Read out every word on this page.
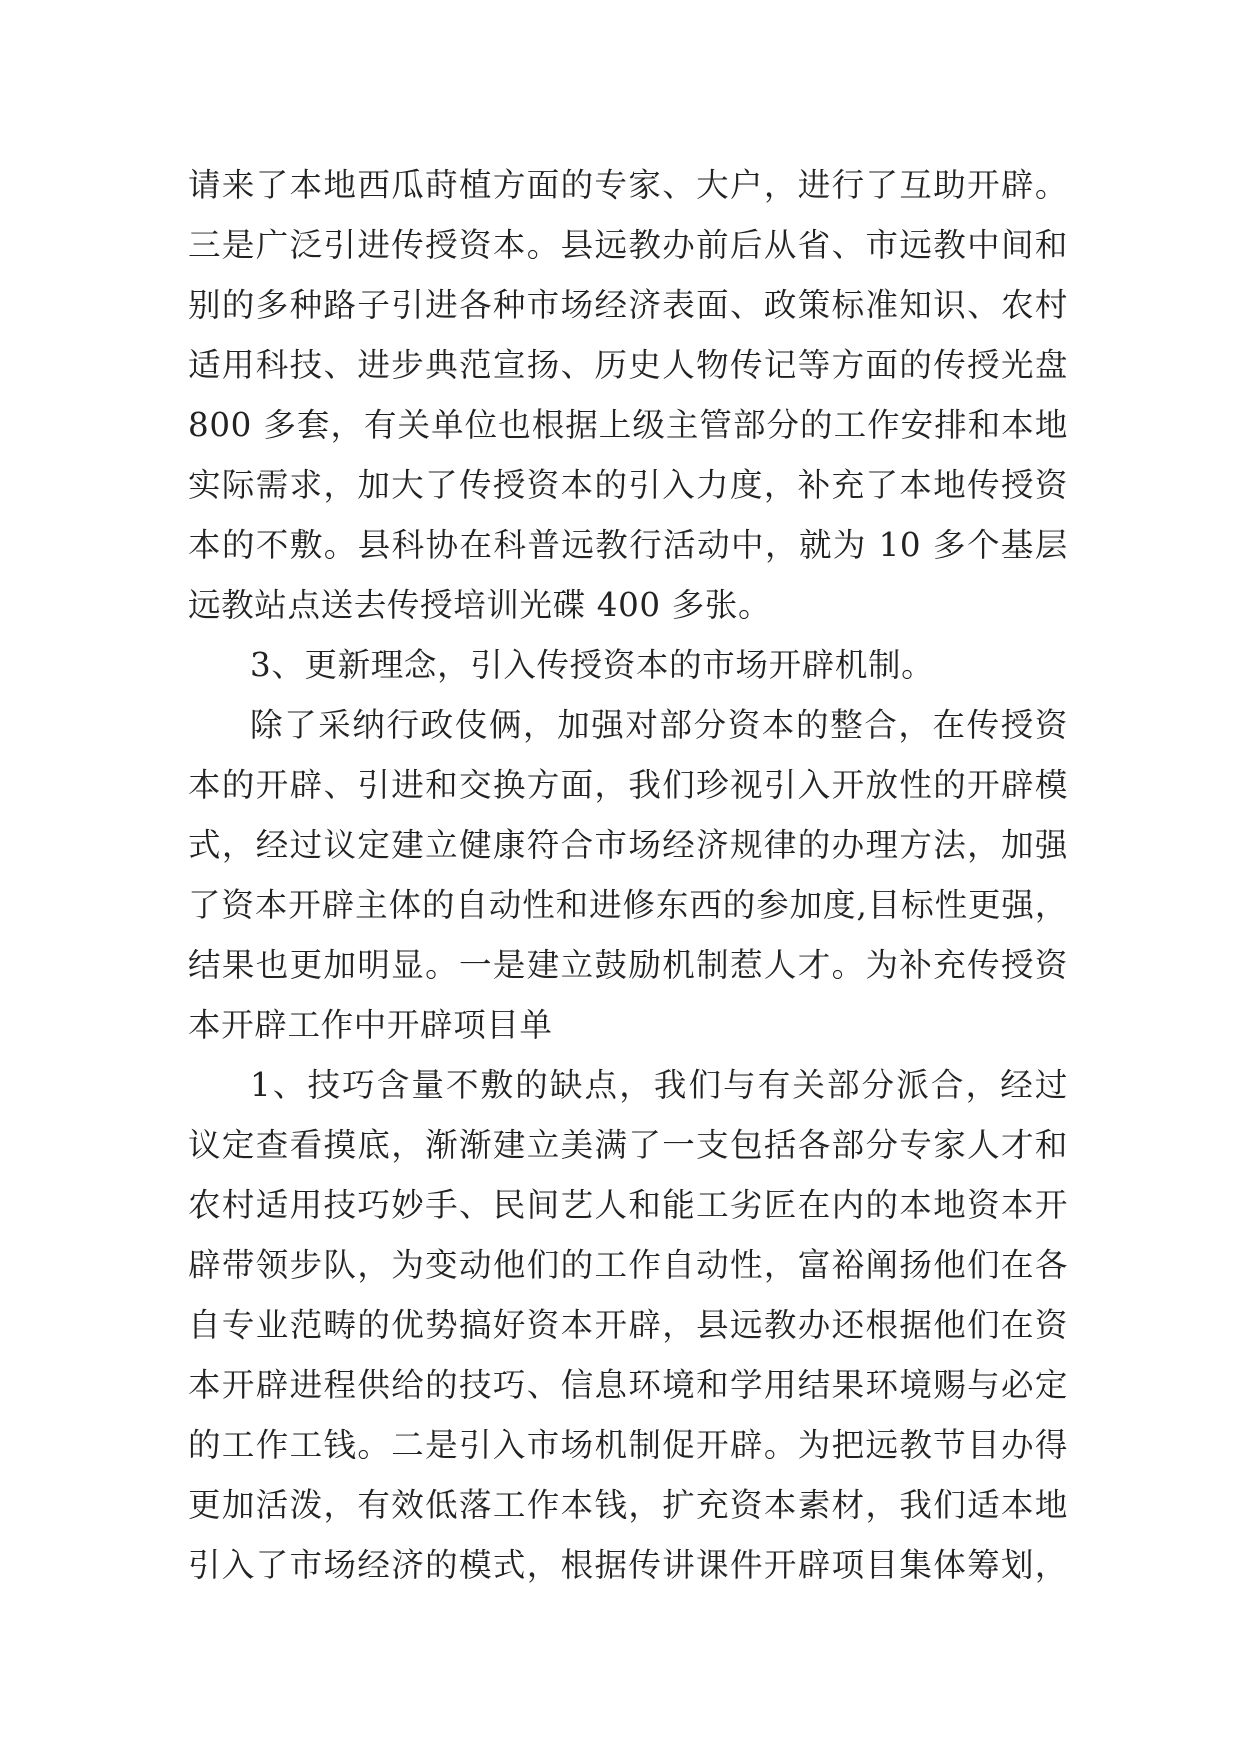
请来了本地西瓜莳植方面的专家、大户，进行了互助开辟。
三是广泛引进传授资本。县远教办前后从省、市远教中间和
别的多种路子引进各种市场经济表面、政策标准知识、农村
适用科技、进步典范宣扬、历史人物传记等方面的传授光盘
800 多套，有关单位也根据上级主管部分的工作安排和本地
实际需求，加大了传授资本的引入力度，补充了本地传授资
本的不敷。县科协在科普远教行活动中，就为 10 多个基层
远教站点送去传授培训光碟 400 多张。
3、更新理念，引入传授资本的市场开辟机制。
除了采纳行政伎俩，加强对部分资本的整合，在传授资
本的开辟、引进和交换方面，我们珍视引入开放性的开辟模
式，经过议定建立健康符合市场经济规律的办理方法，加强
了资本开辟主体的自动性和进修东西的参加度,目标性更强，
结果也更加明显。一是建立鼓励机制惹人才。为补充传授资
本开辟工作中开辟项目单
1、技巧含量不敷的缺点，我们与有关部分派合，经过
议定查看摸底，渐渐建立美满了一支包括各部分专家人才和
农村适用技巧妙手、民间艺人和能工劣匠在内的本地资本开
辟带领步队，为变动他们的工作自动性，富裕阐扬他们在各
自专业范畴的优势搞好资本开辟，县远教办还根据他们在资
本开辟进程供给的技巧、信息环境和学用结果环境赐与必定
的工作工钱。二是引入市场机制促开辟。为把远教节目办得
更加活泼，有效低落工作本钱，扩充资本素材，我们适本地
引入了市场经济的模式，根据传讲课件开辟项目集体筹划，
